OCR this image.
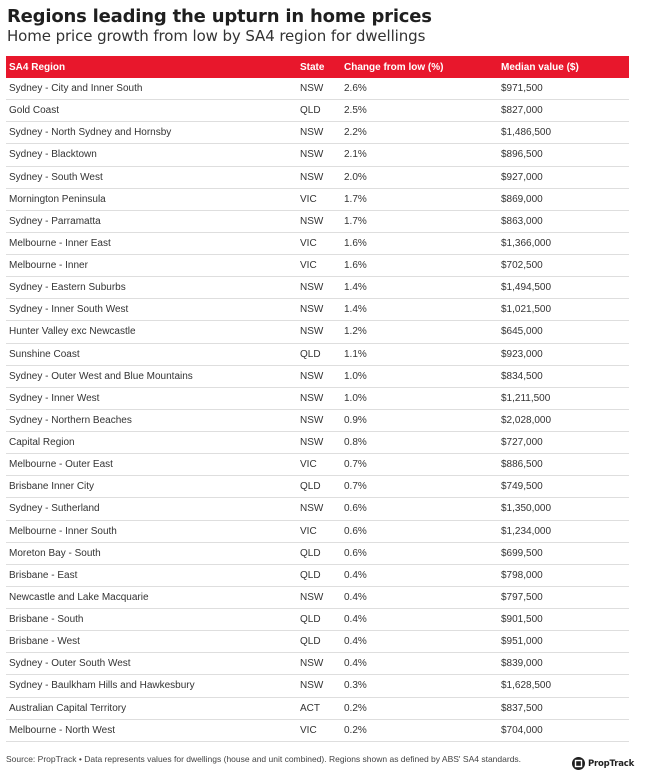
Regions leading the upturn in home prices
Home price growth from low by SA4 region for dwellings
SA4 Region	State	Change from low (%)	Median value ($)
Sydney - City and Inner South	NSW	2.6%	$971,500
Gold Coast	QLD	2.5%	$827,000
Sydney - North Sydney and Hornsby	NSW	2.2%	$1,486,500
Sydney - Blacktown	NSW	2.1%	$896,500
Sydney - South West	NSW	2.0%	$927,000
Mornington Peninsula	VIC	1.7%	$869,000
Sydney - Parramatta	NSW	1.7%	$863,000
Melbourne - Inner East	VIC	1.6%	$1,366,000
Melbourne - Inner	VIC	1.6%	$702,500
Sydney - Eastern Suburbs	NSW	1.4%	$1,494,500
Sydney - Inner South West	NSW	1.4%	$1,021,500
Hunter Valley exc Newcastle	NSW	1.2%	$645,000
Sunshine Coast	QLD	1.1%	$923,000
Sydney - Outer West and Blue Mountains	NSW	1.0%	$834,500
Sydney - Inner West	NSW	1.0%	$1,211,500
Sydney - Northern Beaches	NSW	0.9%	$2,028,000
Capital Region	NSW	0.8%	$727,000
Melbourne - Outer East	VIC	0.7%	$886,500
Brisbane Inner City	QLD	0.7%	$749,500
Sydney - Sutherland	NSW	0.6%	$1,350,000
Melbourne - Inner South	VIC	0.6%	$1,234,000
Moreton Bay - South	QLD	0.6%	$699,500
Brisbane - East	QLD	0.4%	$798,000
Newcastle and Lake Macquarie	NSW	0.4%	$797,500
Brisbane - South	QLD	0.4%	$901,500
Brisbane - West	QLD	0.4%	$951,000
Sydney - Outer South West	NSW	0.4%	$839,000
Sydney - Baulkham Hills and Hawkesbury	NSW	0.3%	$1,628,500
Australian Capital Territory	ACT	0.2%	$837,500
Melbourne - North West	VIC	0.2%	$704,000
Source: PropTrack • Data represents values for dwellings (house and unit combined). Regions shown as defined by ABS' SA4 standards.	PropTrack
